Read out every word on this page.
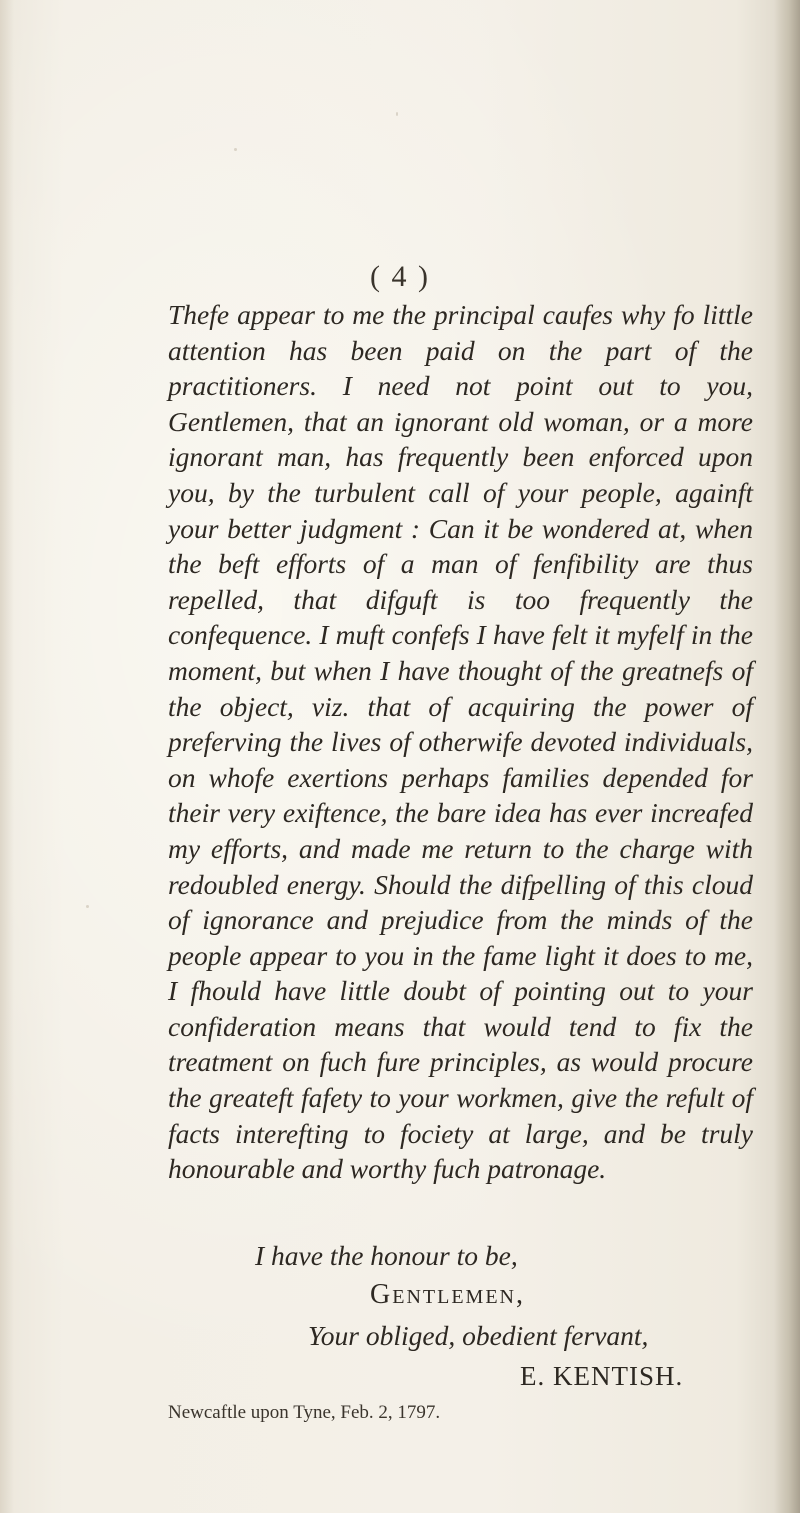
( 4 )

Thefe appear to me the principal caufes why fo little attention has been paid on the part of the practitioners. I need not point out to you, Gentlemen, that an ignorant old woman, or a more ignorant man, has frequently been enforced upon you, by the turbulent call of your people, againft your better judgment : Can it be wondered at, when the beft efforts of a man of fenfibility are thus repelled, that difguft is too frequently the confequence. I muft confefs I have felt it myfelf in the moment, but when I have thought of the greatnefs of the object, viz. that of acquiring the power of preferving the lives of otherwife devoted individuals, on whofe exertions perhaps families depended for their very exiftence, the bare idea has ever increafed my efforts, and made me return to the charge with redoubled energy. Should the difpelling of this cloud of ignorance and prejudice from the minds of the people appear to you in the fame light it does to me, I fhould have little doubt of pointing out to your confideration means that would tend to fix the treatment on fuch fure principles, as would procure the greateft fafety to your workmen, give the refult of facts interefting to fociety at large, and be truly honourable and worthy fuch patronage.

I have the honour to be,
Gentlemen,
Your obliged, obedient fervant,
E. KENTISH.
Newcaftle upon Tyne, Feb. 2, 1797.
